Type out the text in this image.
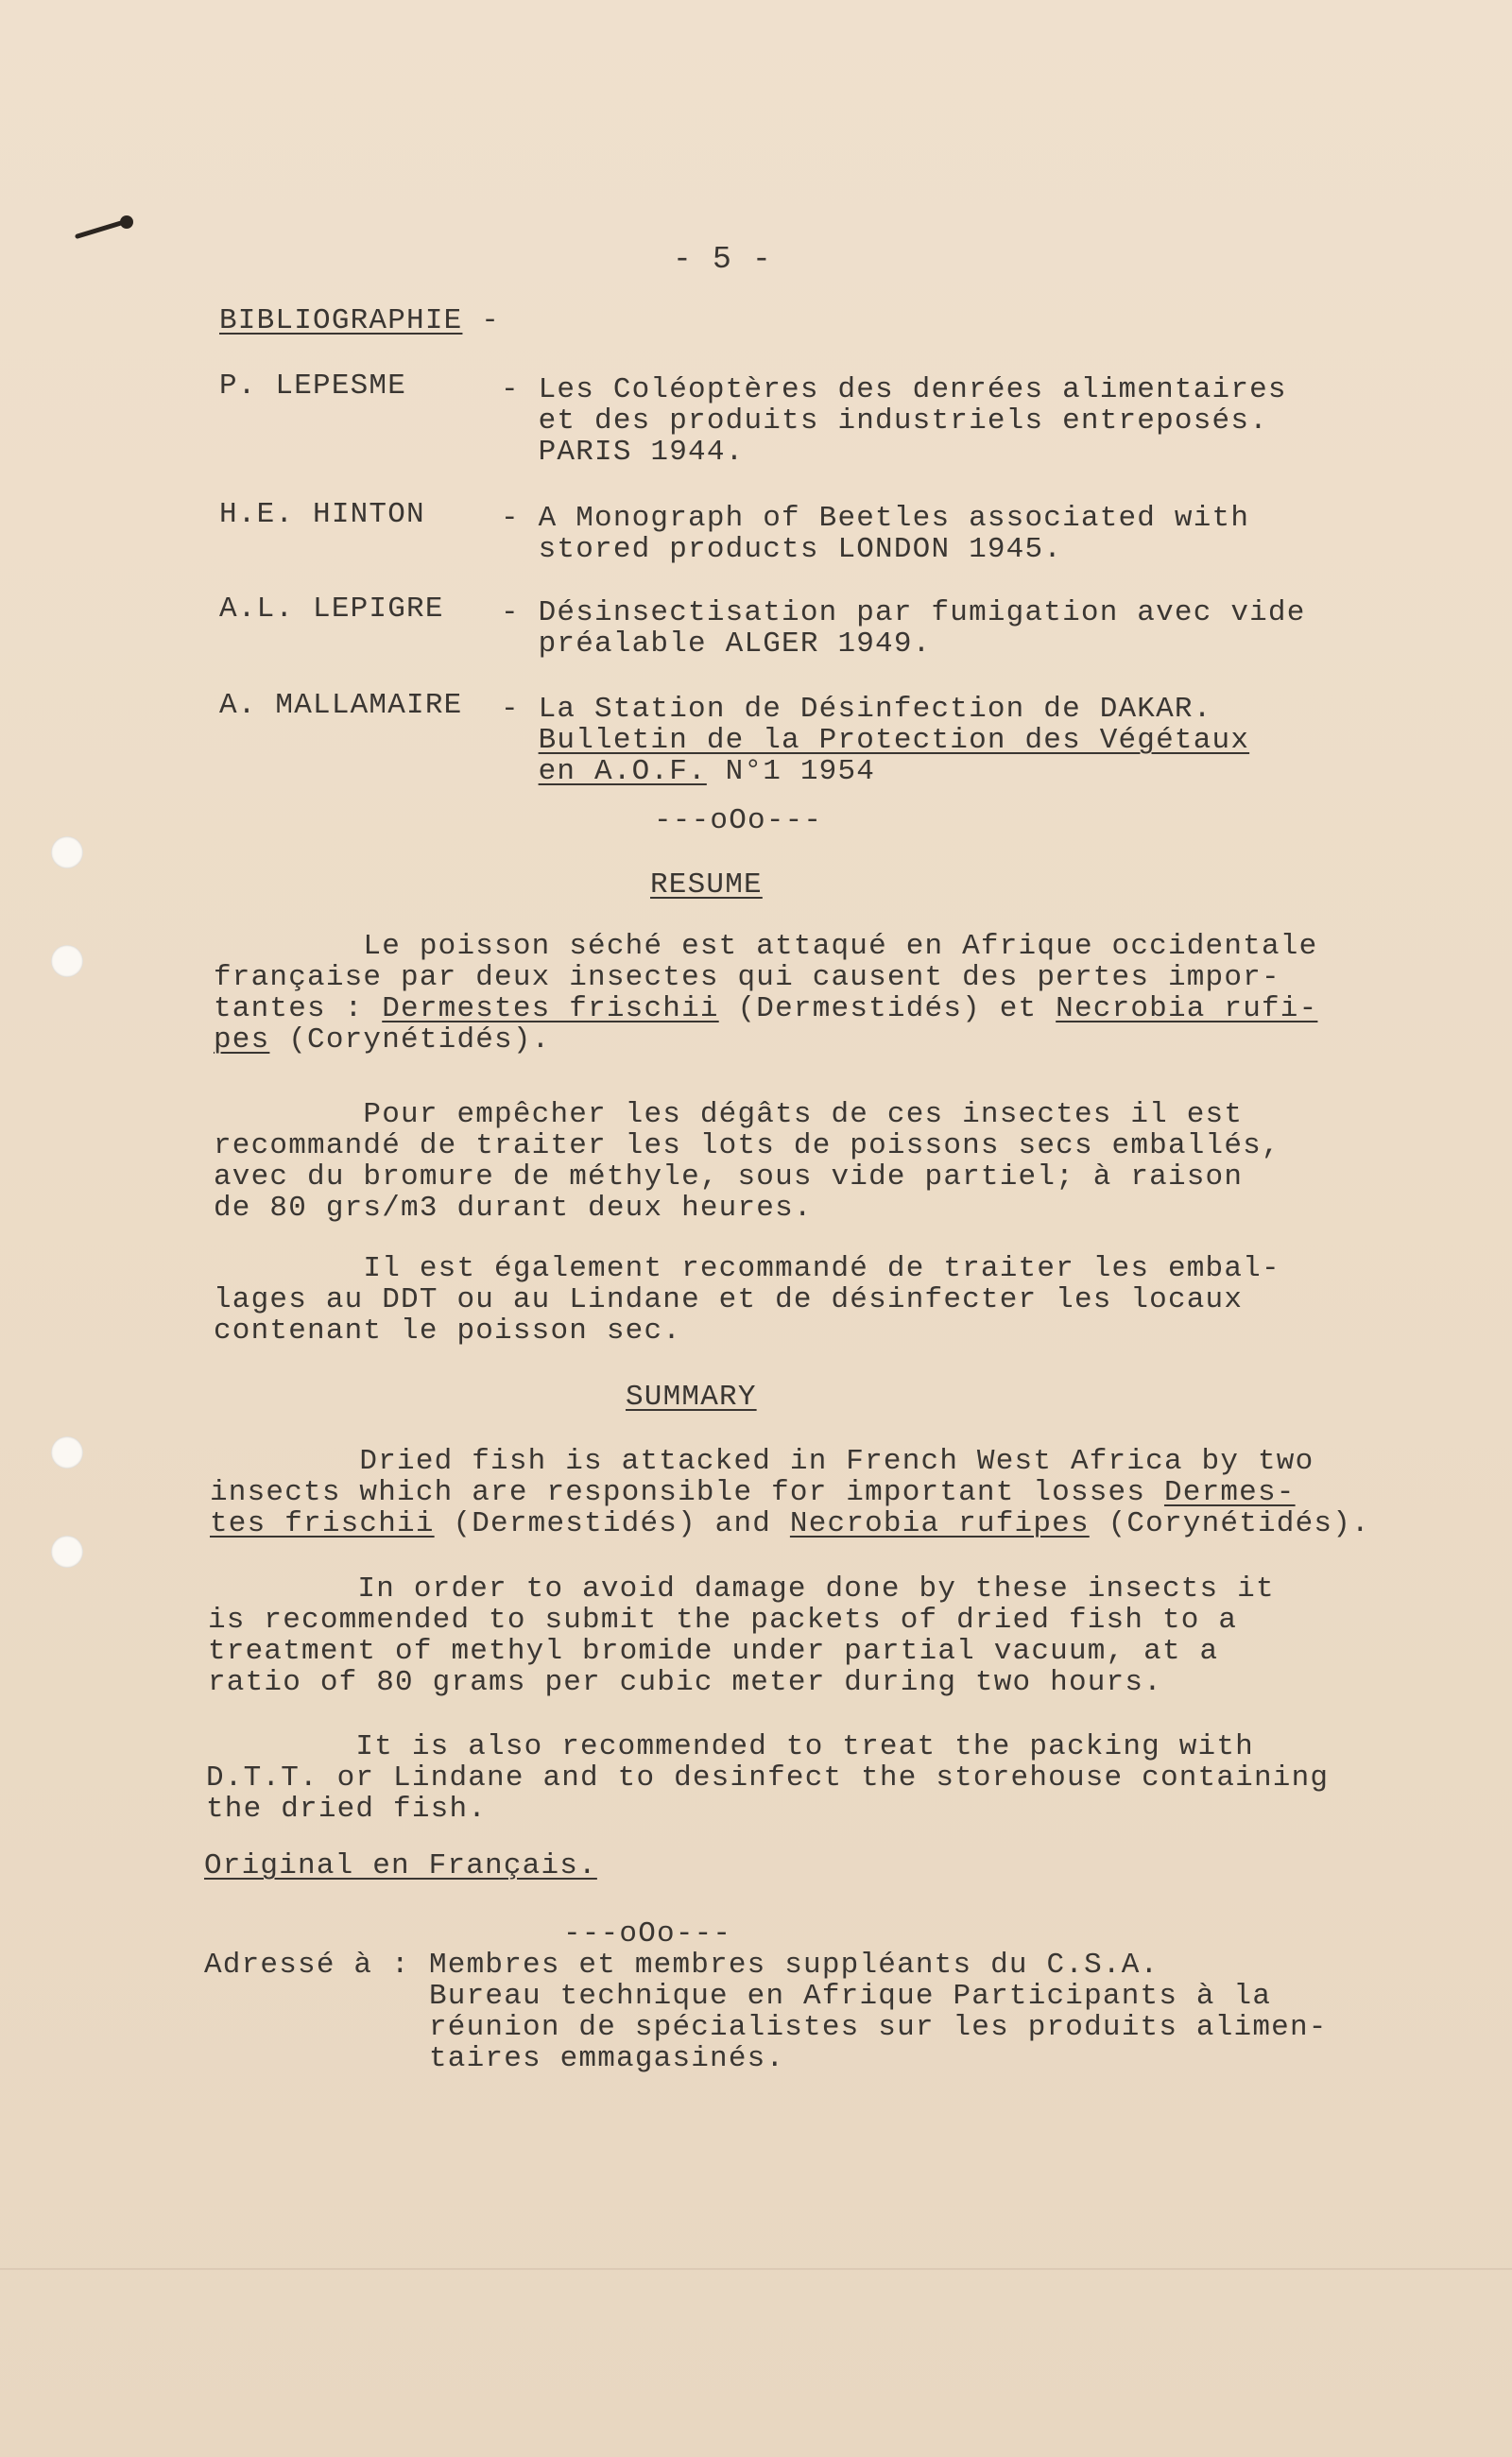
- 5 -
BIBLIOGRAPHIE -
P. LEPESME	- Les Coléoptères des denrées alimentaires
et des produits industriels entreposés.
PARIS 1944.
H.E. HINTON	- A Monograph of Beetles associated with
stored products LONDON 1945.
A.L. LEPIGRE - Désinsectisation par fumigation avec vide
préalable ALGER 1949.
A. MALLAMAIRE - La Station de Désinfection de DAKAR.
Bulletin de la Protection des Végétaux
en A.O.F. N°1 1954
---oOo---
RESUME
Le poisson séché est attaqué en Afrique occidentale
française par deux insectes qui causent des pertes impor-
tantes : Dermestes frischii (Dermestidés) et Necrobia rufi-
pes (Corynétidés).
Pour empêcher les dégâts de ces insectes il est
recommandé de traiter les lots de poissons secs emballés,
avec du bromure de méthyle, sous vide partiel; à raison
de 80 grs/m3 durant deux heures.
Il est également recommandé de traiter les embal-
lages au DDT ou au Lindane et de désinfecter les locaux
contenant le poisson sec.
SUMMARY
Dried fish is attacked in French West Africa by two
insects which are responsible for important losses Dermes-
tes frischii (Dermestidés) and Necrobia rufipes (Corynétidés).
In order to avoid damage done by these insects it
is recommended to submit the packets of dried fish to a
treatment of methyl bromide under partial vacuum, at a
ratio of 80 grams per cubic meter during two hours.
It is also recommended to treat the packing with
D.T.T. or Lindane and to desinfect the storehouse containing
the dried fish.
Original en Français.
---oOo---
Adressé à : Membres et membres suppléants du C.S.A.
Bureau technique en Afrique Participants à la
réunion de spécialistes sur les produits alimen-
taires emmagasinés.
